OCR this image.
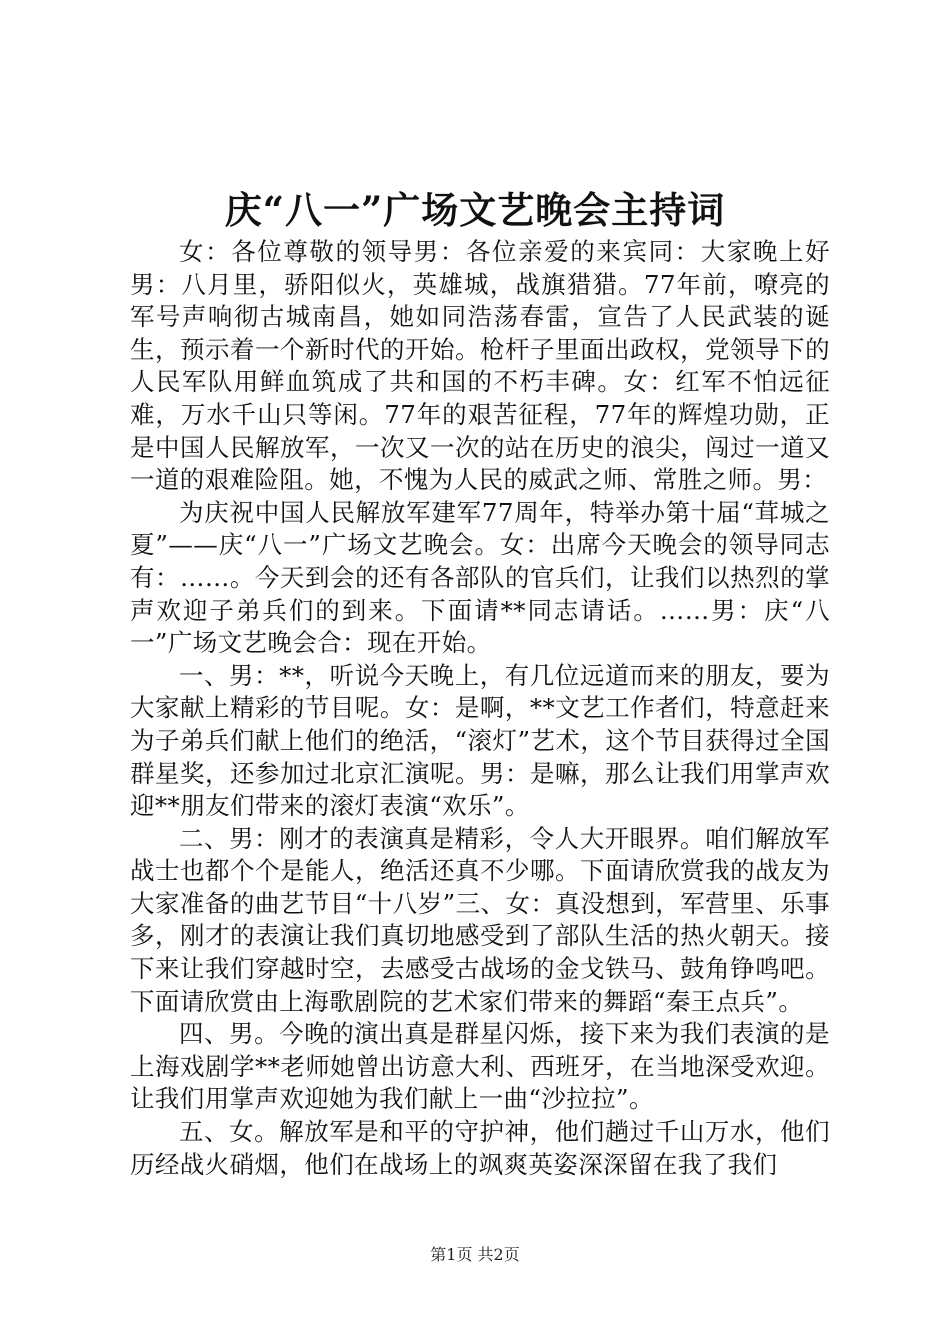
庆“八一”广场文艺晚会主持词

女：各位尊敬的领导男：各位亲爱的来宾同：大家晚上好男：八月里，骄阳似火，英雄城，战旗猎猎。77年前，嘹亮的军号声响彻古城南昌，她如同浩荡春雷，宣告了人民武装的诞生，预示着一个新时代的开始。枪杆子里面出政权，党领导下的人民军队用鲜血筑成了共和国的不朽丰碑。女：红军不怕远征难，万水千山只等闲。77年的艰苦征程，77年的辉煌功勋，正是中国人民解放军，一次又一次的站在历史的浪尖，闯过一道又一道的艰难险阻。她，不愧为人民的威武之师、常胜之师。男：

为庆祝中国人民解放军建军77周年，特举办第十届“茸城之夏”——庆“八一”广场文艺晚会。女：出席今天晚会的领导同志有：……。今天到会的还有各部队的官兵们，让我们以热烈的掌声欢迎子弟兵们的到来。下面请**同志请话。……男：庆“八一”广场文艺晚会合：现在开始。

一、男：**，听说今天晚上，有几位远道而来的朋友，要为大家献上精彩的节目呢。女：是啊，**文艺工作者们，特意赶来为子弟兵们献上他们的绝活，“滚灯”艺术，这个节目获得过全国群星奖，还参加过北京汇演呢。男：是嘛，那么让我们用掌声欢迎**朋友们带来的滚灯表演“欢乐”。

二、男：刚才的表演真是精彩，令人大开眼界。咱们解放军战士也都个个是能人，绝活还真不少哪。下面请欣赏我的战友为大家准备的曲艺节目“十八岁”三、女：真没想到，军营里、乐事多，刚才的表演让我们真切地感受到了部队生活的热火朝天。接下来让我们穿越时空，去感受古战场的金戈铁马、鼓角铮鸣吧。下面请欣赏由上海歌剧院的艺术家们带来的舞蹈“秦王点兵”。

四、男。今晚的演出真是群星闪烁，接下来为我们表演的是上海戏剧学**老师她曾出访意大利、西班牙，在当地深受欢迎。让我们用掌声欢迎她为我们献上一曲“沙拉拉”。

五、女。解放军是和平的守护神，他们趟过千山万水，他们历经战火硝烟，他们在战场上的飒爽英姿深深留在我了我们

第1页 共2页
